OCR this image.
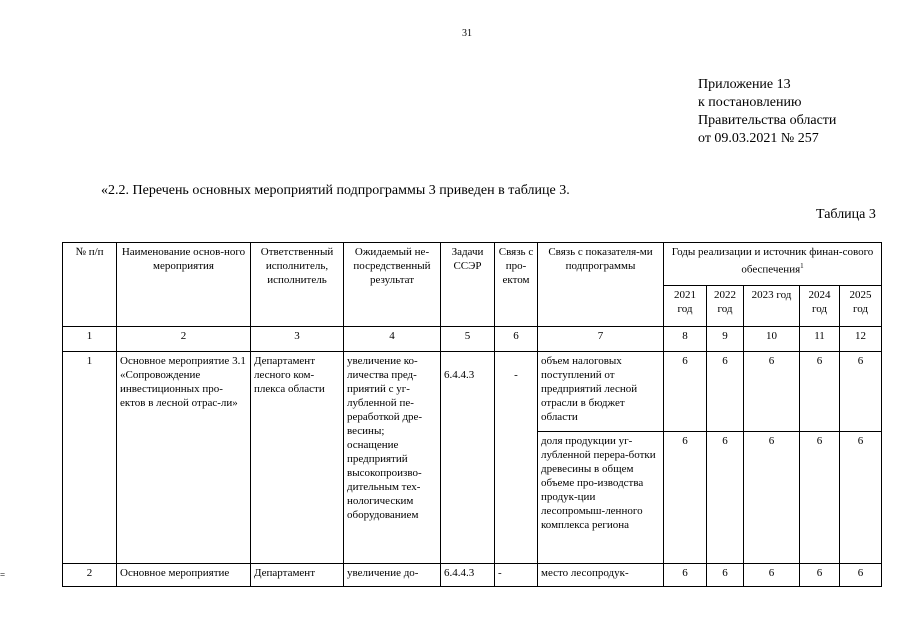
31
Приложение 13
к постановлению
Правительства области
от 09.03.2021 № 257
«2.2. Перечень основных мероприятий подпрограммы 3 приведен в таблице 3.
Таблица 3
=
№ п/п	Наименование основ-ного мероприятия	Ответственный исполнитель, исполнитель	Ожидаемый не-посредственный результат	Задачи ССЭР	Связь с про-ектом	Связь с показателя-ми подпрограммы	Годы реализации и источник финан-сового обеспечения$^1$
							2021 год	2022 год	2023 год	2024 год	2025 год
1	2	3	4	5	6	7	8	9	10	11	12
1	Основное мероприятие 3.1 «Сопровождение инвестиционных про-ектов в лесной отрас-ли»	Департамент лесного ком-плекса области	увеличение ко-личества пред-приятий с уг-лубленной пе-реработкой дре-весины; оснащение предприятий высокопроизво-дительным тех-нологическим оборудованием	6.4.4.3	-	объем налоговых поступлений от предприятий лесной отрасли в бюджет области	6	6	6	6	6
						доля продукции уг-лубленной перера-ботки древесины в общем объеме про-изводства продук-ции лесопромыш-ленного комплекса региона	6	6	6	6	6
2	Основное мероприятие	Департамент	увеличение до-	6.4.4.3	-	место лесопродук-	6	6	6	6	6
